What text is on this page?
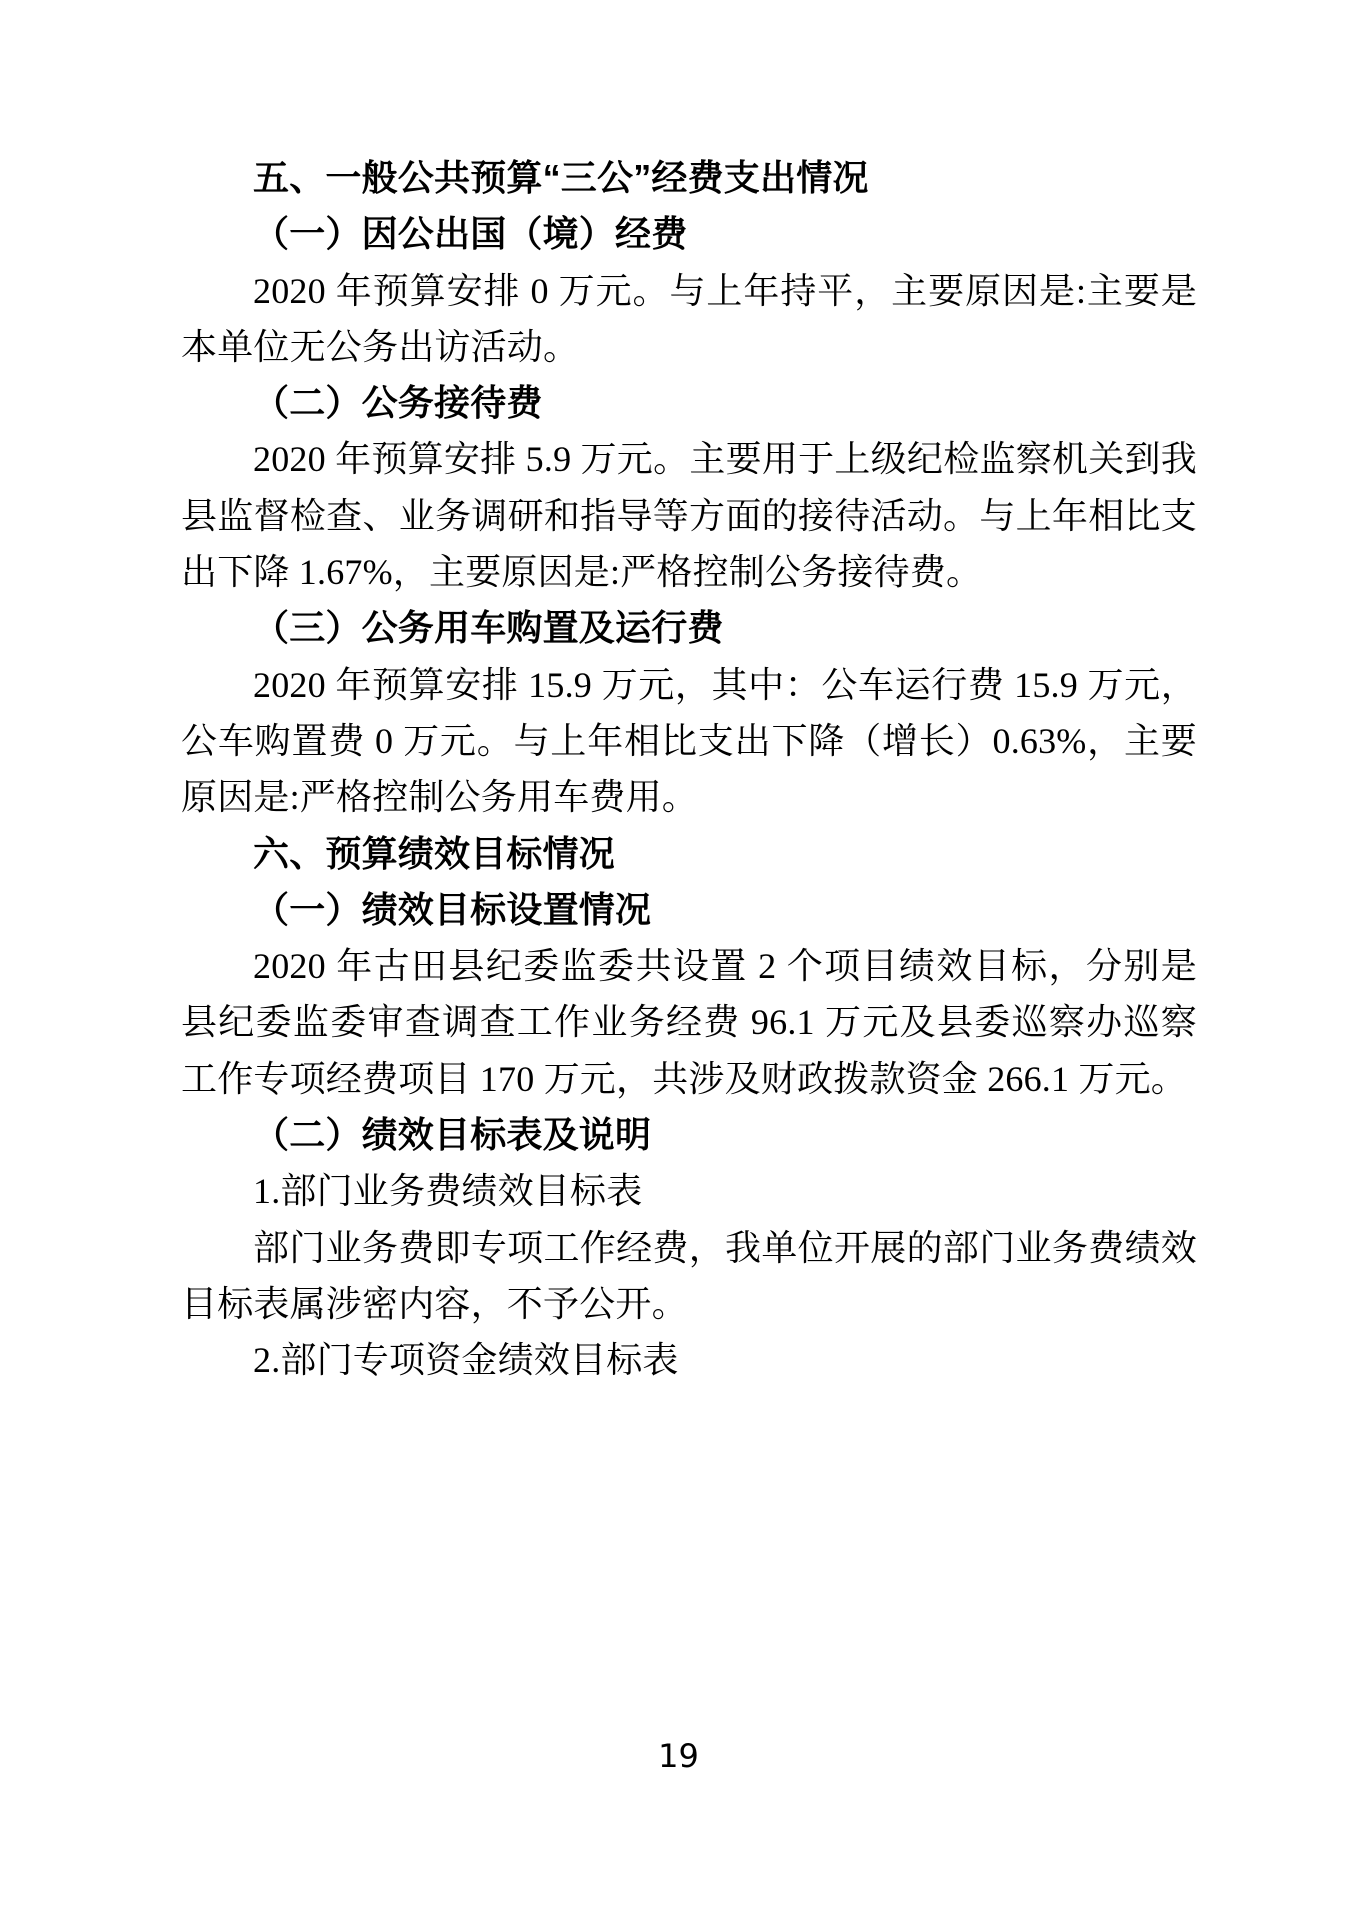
五、一般公共预算“三公”经费支出情况

（一）因公出国（境）经费

2020 年预算安排 0 万元。与上年持平，主要原因是:主要是本单位无公务出访活动。

（二）公务接待费

2020 年预算安排 5.9 万元。主要用于上级纪检监察机关到我县监督检查、业务调研和指导等方面的接待活动。与上年相比支出下降 1.67%，主要原因是:严格控制公务接待费。

（三）公务用车购置及运行费

2020 年预算安排 15.9 万元，其中：公车运行费 15.9 万元，公车购置费 0 万元。与上年相比支出下降（增长）0.63%，主要原因是:严格控制公务用车费用。

六、预算绩效目标情况

（一）绩效目标设置情况

2020 年古田县纪委监委共设置 2 个项目绩效目标，分别是县纪委监委审查调查工作业务经费 96.1 万元及县委巡察办巡察工作专项经费项目 170 万元，共涉及财政拨款资金 266.1 万元。

（二）绩效目标表及说明

1.部门业务费绩效目标表

部门业务费即专项工作经费，我单位开展的部门业务费绩效目标表属涉密内容，不予公开。

2.部门专项资金绩效目标表

19
